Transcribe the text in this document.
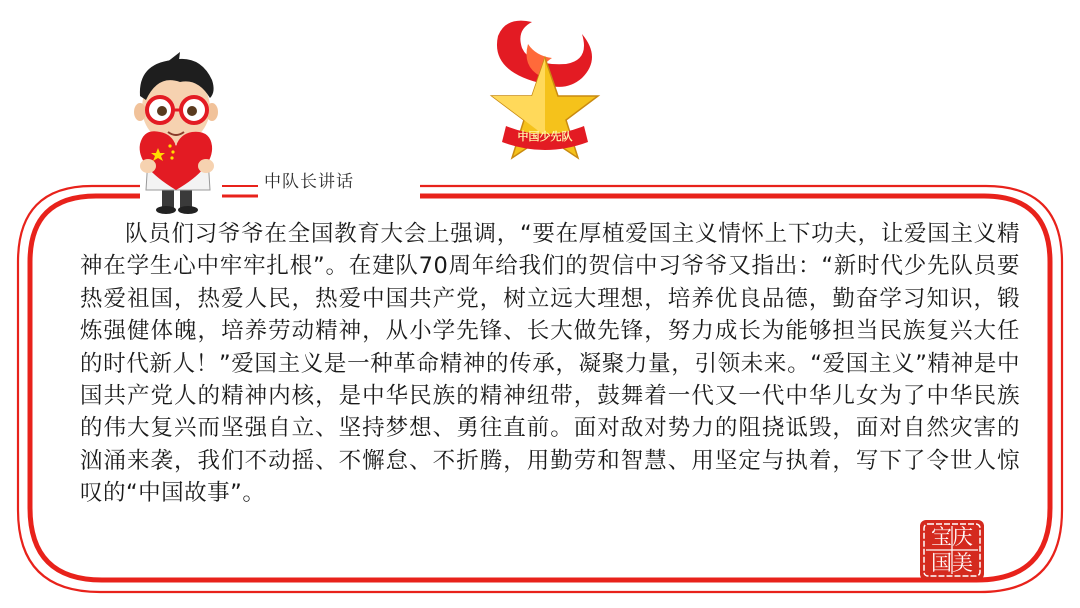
中国少先队
中队长讲话
队员们习爷爷在全国教育大会上强调，“要在厚植爱国主义情怀上下功夫，让爱国主义精神在学生心中牢牢扎根”。在建队70周年给我们的贺信中习爷爷又指出：“新时代少先队员要热爱祖国，热爱人民，热爱中国共产党，树立远大理想，培养优良品德，勤奋学习知识，锻炼强健体魄，培养劳动精神，从小学先锋、长大做先锋，努力成长为能够担当民族复兴大任的时代新人！”爱国主义是一种革命精神的传承，凝聚力量，引领未来。“爱国主义”精神是中国共产党人的精神内核，是中华民族的精神纽带，鼓舞着一代又一代中华儿女为了中华民族的伟大复兴而坚强自立、坚持梦想、勇往直前。面对敌对势力的阻挠诋毁，面对自然灾害的汹涌来袭，我们不动摇、不懈怠、不折腾，用勤劳和智慧、用坚定与执着，写下了令世人惊叹的“中国故事”。
宝庆国美
